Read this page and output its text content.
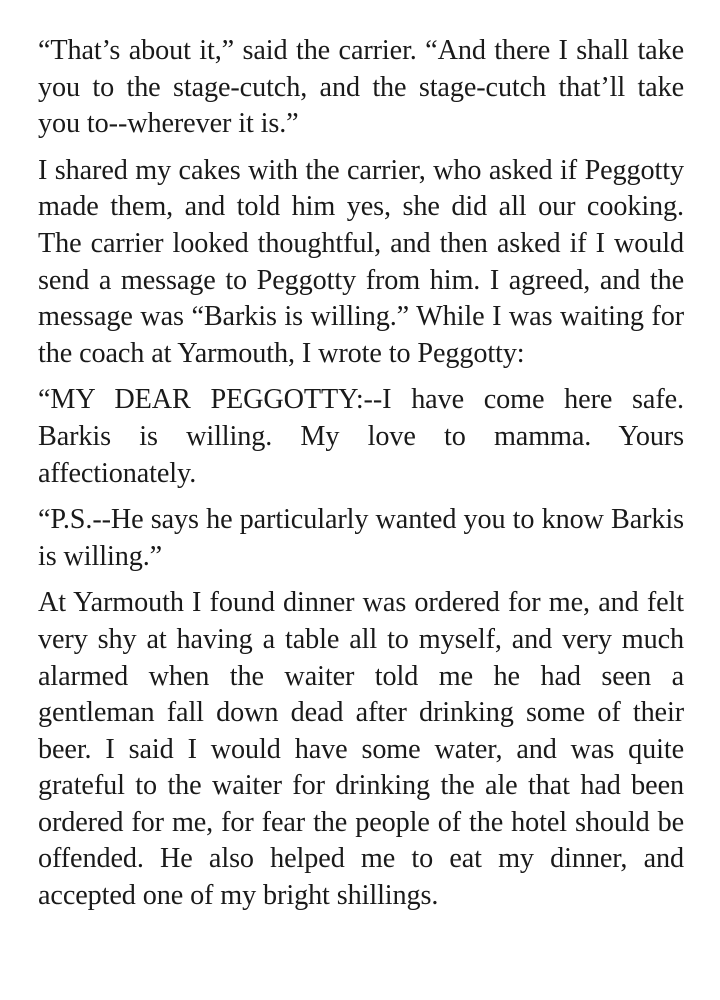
“That’s about it,” said the carrier. “And there I shall take you to the stage-cutch, and the stage-cutch that’ll take you to--wherever it is.”

I shared my cakes with the carrier, who asked if Peggotty made them, and told him yes, she did all our cooking. The carrier looked thoughtful, and then asked if I would send a message to Peggotty from him. I agreed, and the message was “Barkis is willing.” While I was waiting for the coach at Yarmouth, I wrote to Peggotty:

“MY DEAR PEGGOTTY:--I have come here safe. Barkis is willing. My love to mamma. Yours affectionately.

“P.S.--He says he particularly wanted you to know Barkis is willing.”

At Yarmouth I found dinner was ordered for me, and felt very shy at having a table all to myself, and very much alarmed when the waiter told me he had seen a gentleman fall down dead after drinking some of their beer. I said I would have some water, and was quite grateful to the waiter for drinking the ale that had been ordered for me, for fear the people of the hotel should be offended. He also helped me to eat my dinner, and accepted one of my bright shillings.
